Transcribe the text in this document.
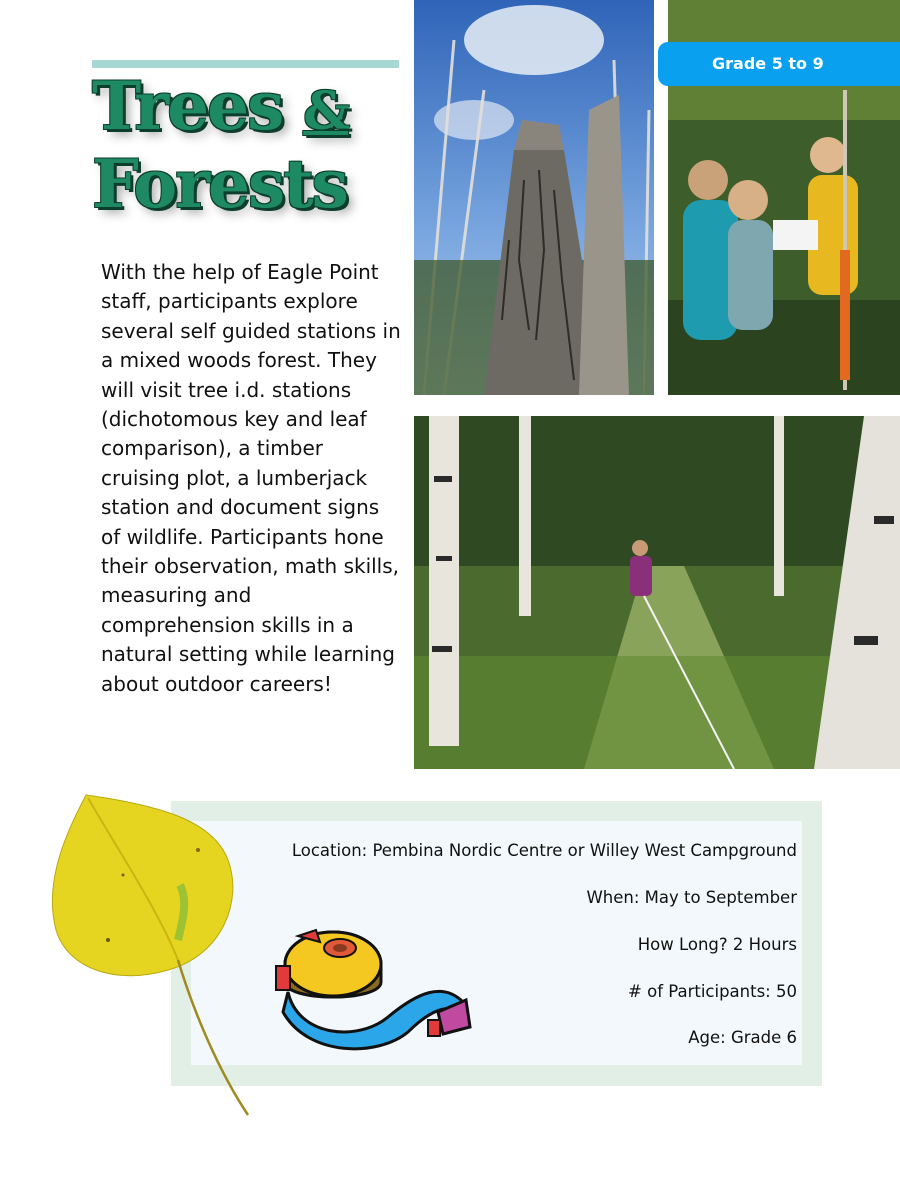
Trees &
Forests
With the help of Eagle Point staff, participants explore several self guided stations in a mixed woods forest. They will visit tree i.d. stations (dichotomous key and leaf comparison), a timber cruising plot, a lumberjack station and document signs of wildlife. Participants hone their observation, math skills, measuring and comprehension skills in a natural setting while learning about outdoor careers!
Grade 5 to 9
Location: Pembina Nordic Centre or Willey West Campground
When: May to September
How Long? 2 Hours
# of Participants: 50
Age: Grade 6
